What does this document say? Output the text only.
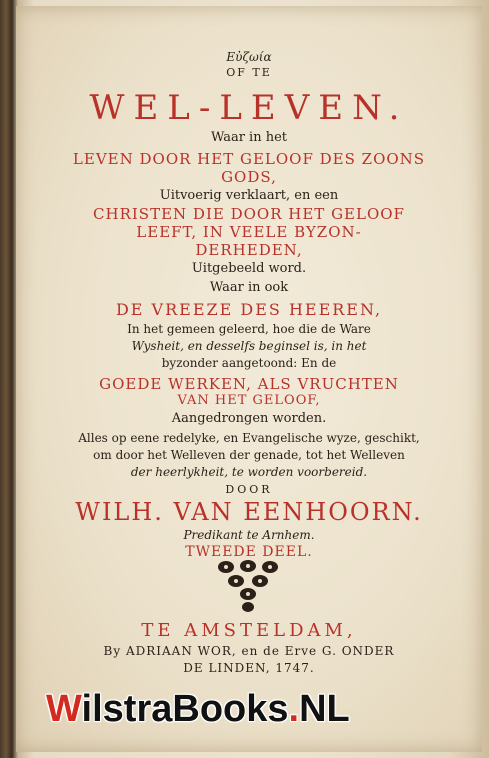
Εὐζωία
OF TE
WEL-LEVEN.
Waar in het
LEVEN DOOR HET GELOOF DES ZOONS
GODS,
Uitvoerig verklaart, en een
CHRISTEN DIE DOOR HET GELOOF
LEEFT, IN VEELE BYZON-
DERHEDEN,
Uitgebeeld word.
Waar in ook
DE VREEZE DES HEEREN,
In het gemeen geleerd, hoe die de Ware
Wysheit, en desselfs beginsel is, in het
byzonder aangetoond: En de
GOEDE WERKEN, ALS VRUCHTEN
VAN HET GELOOF,
Aangedrongen worden.
Alles op eene redelyke, en Evangelische wyze, geschikt,
om door het Welleven der genade, tot het Welleven
der heerlykheit, te worden voorbereid.
DOOR
WILH. VAN EENHOORN.
Predikant te Arnhem.
TWEEDE DEEL.
TE AMSTELDAM,
By ADRIAAN WOR, en de Erve G. ONDER
DE LINDEN, 1747.
WilstraBooks.NL
